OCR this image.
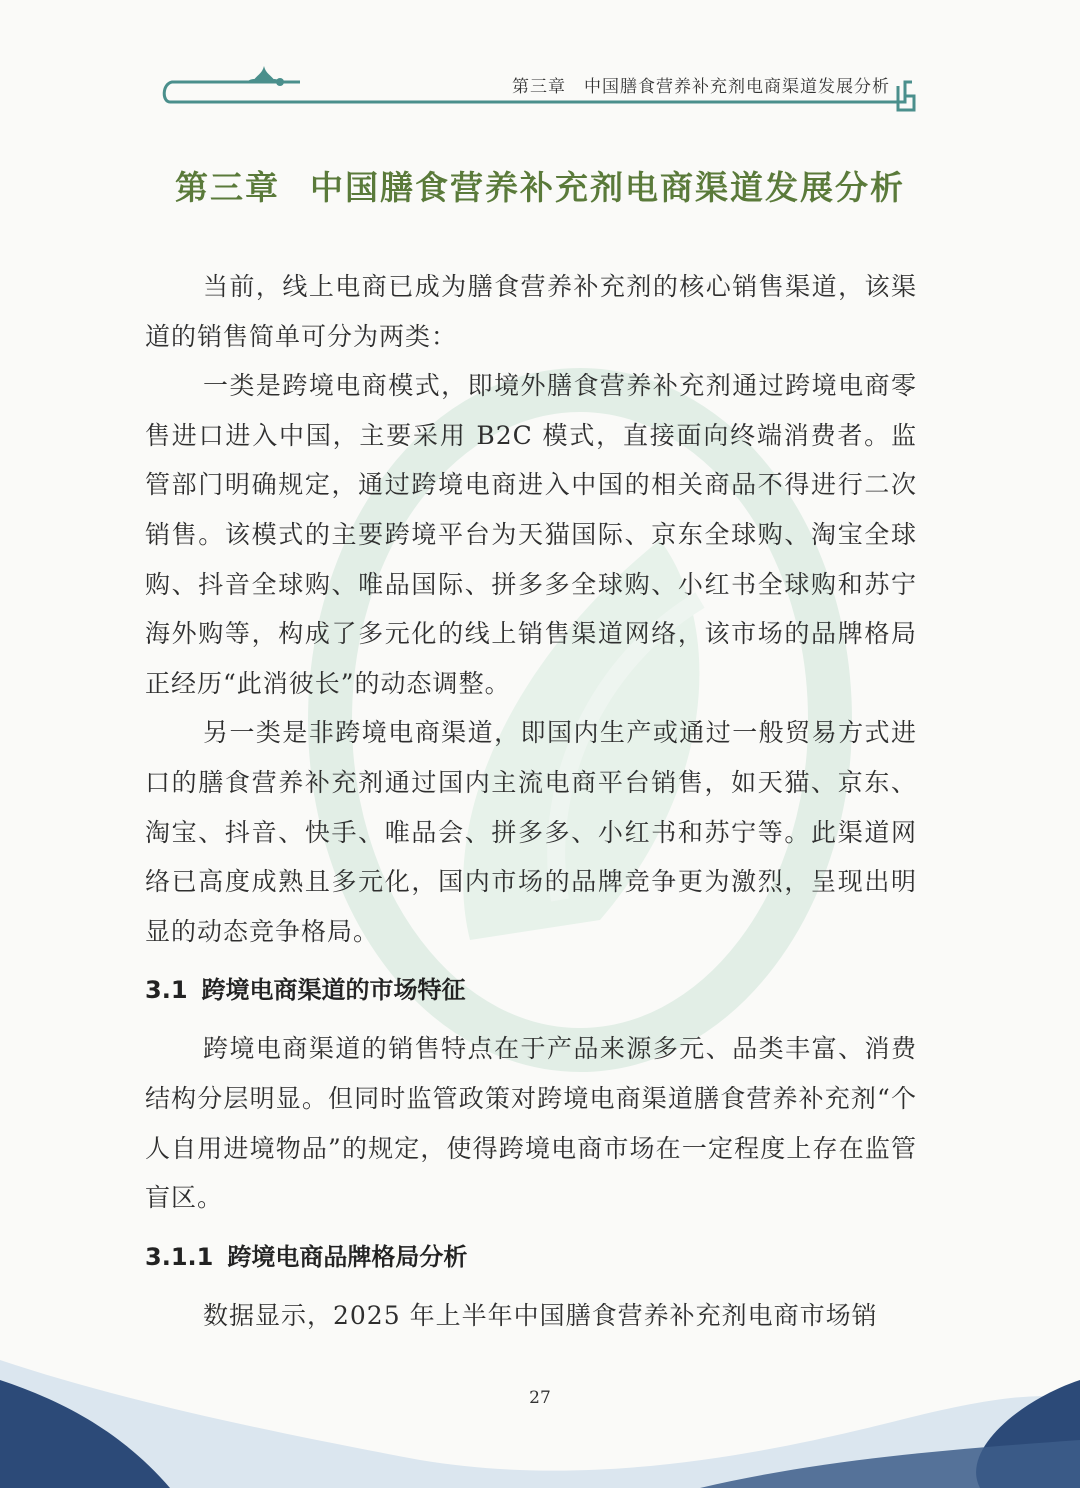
第三章 中国膳食营养补充剂电商渠道发展分析
第三章 中国膳食营养补充剂电商渠道发展分析

当前，线上电商已成为膳食营养补充剂的核心销售渠道，该渠道的销售简单可分为两类：

一类是跨境电商模式，即境外膳食营养补充剂通过跨境电商零售进口进入中国，主要采用 B2C 模式，直接面向终端消费者。监管部门明确规定，通过跨境电商进入中国的相关商品不得进行二次销售。该模式的主要跨境平台为天猫国际、京东全球购、淘宝全球购、抖音全球购、唯品国际、拼多多全球购、小红书全球购和苏宁海外购等，构成了多元化的线上销售渠道网络，该市场的品牌格局正经历“此消彼长”的动态调整。

另一类是非跨境电商渠道，即国内生产或通过一般贸易方式进口的膳食营养补充剂通过国内主流电商平台销售，如天猫、京东、淘宝、抖音、快手、唯品会、拼多多、小红书和苏宁等。此渠道网络已高度成熟且多元化，国内市场的品牌竞争更为激烈，呈现出明显的动态竞争格局。

3.1 跨境电商渠道的市场特征

跨境电商渠道的销售特点在于产品来源多元、品类丰富、消费结构分层明显。但同时监管政策对跨境电商渠道膳食营养补充剂“个人自用进境物品”的规定，使得跨境电商市场在一定程度上存在监管盲区。

3.1.1 跨境电商品牌格局分析

数据显示，2025 年上半年中国膳食营养补充剂电商市场销

27
